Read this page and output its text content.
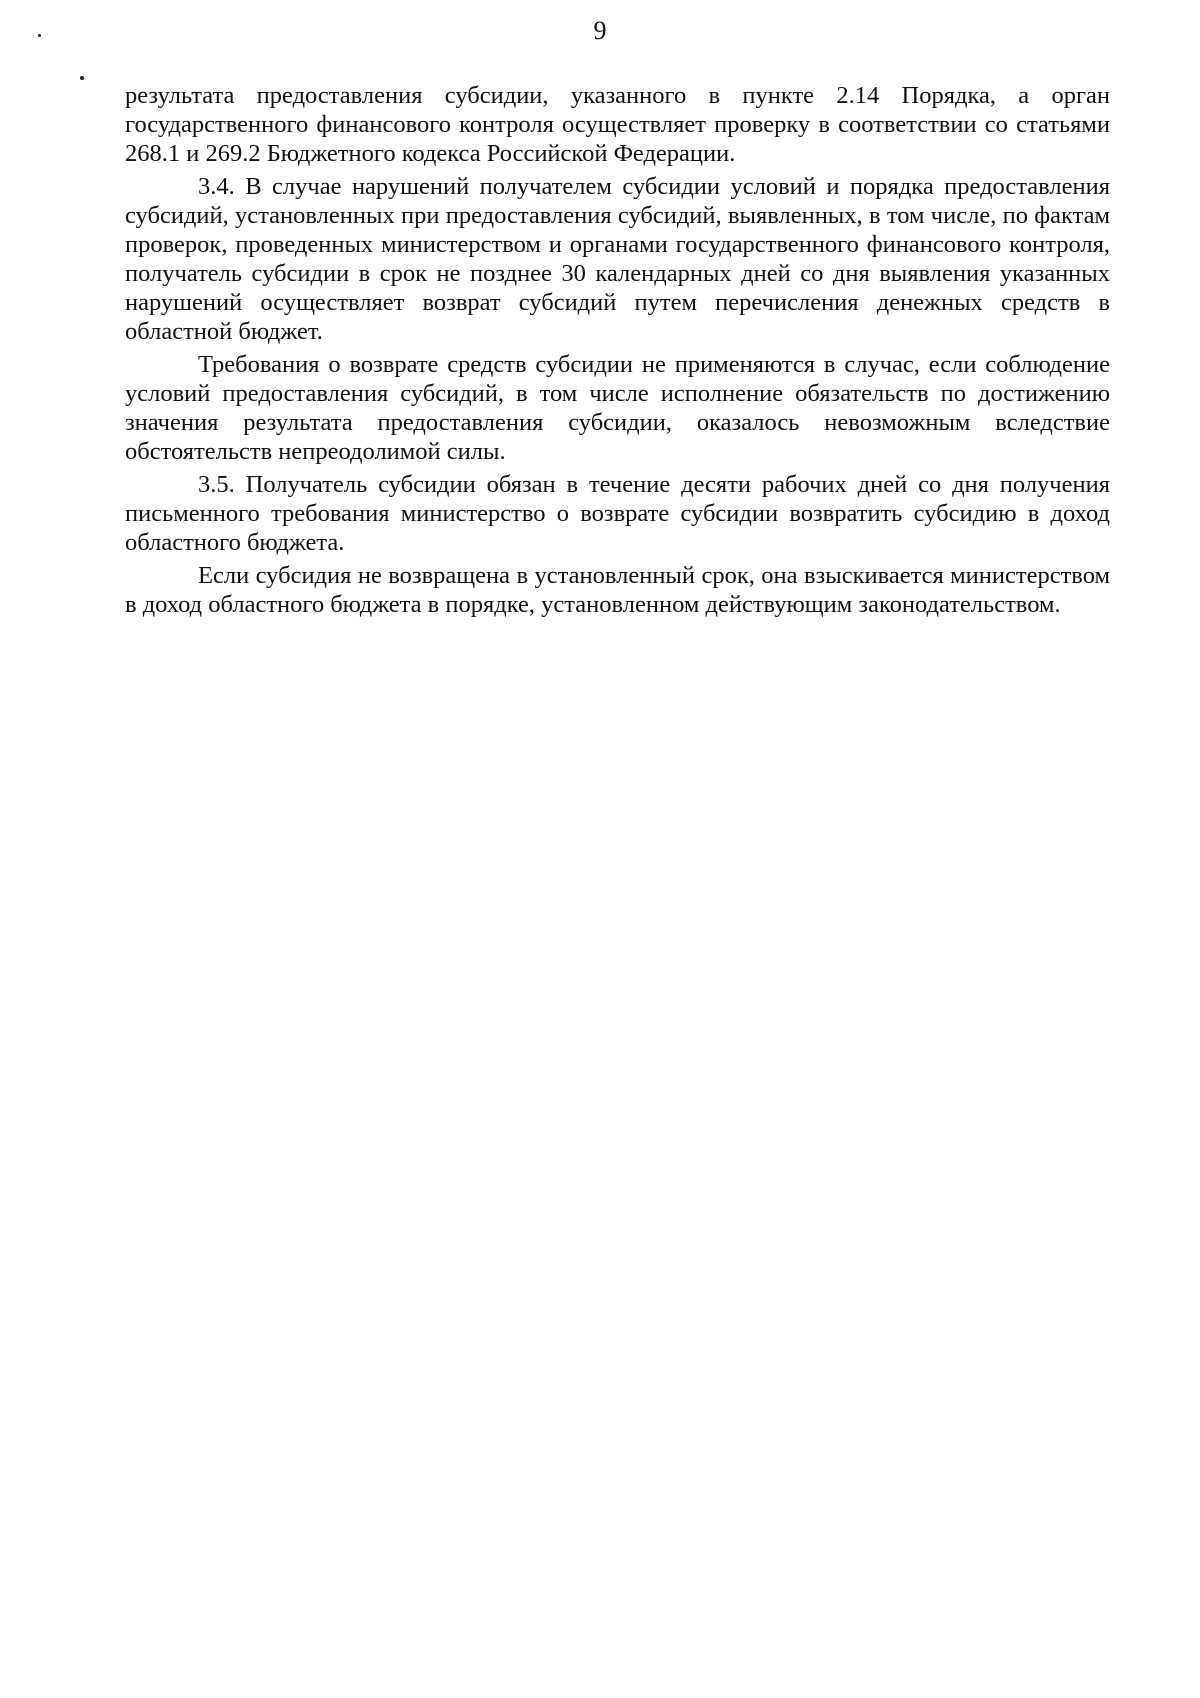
9

результата предоставления субсидии, указанного в пункте 2.14 Порядка, а орган государственного финансового контроля осуществляет проверку в соответствии со статьями 268.1 и 269.2 Бюджетного кодекса Российской Федерации.

3.4. В случае нарушений получателем субсидии условий и порядка предоставления субсидий, установленных при предоставления субсидий, выявленных, в том числе, по фактам проверок, проведенных министерством и органами государственного финансового контроля, получатель субсидии в срок не позднее 30 календарных дней со дня выявления указанных нарушений осуществляет возврат субсидий путем перечисления денежных средств в областной бюджет.

Требования о возврате средств субсидии не применяются в случас, если соблюдение условий предоставления субсидий, в том числе исполнение обязательств по достижению значения результата предоставления субсидии, оказалось невозможным вследствие обстоятельств непреодолимой силы.

3.5. Получатель субсидии обязан в течение десяти рабочих дней со дня получения письменного требования министерство о возврате субсидии возвратить субсидию в доход областного бюджета.

Если субсидия не возвращена в установленный срок, она взыскивается министерством в доход областного бюджета в порядке, установленном действующим законодательством.
